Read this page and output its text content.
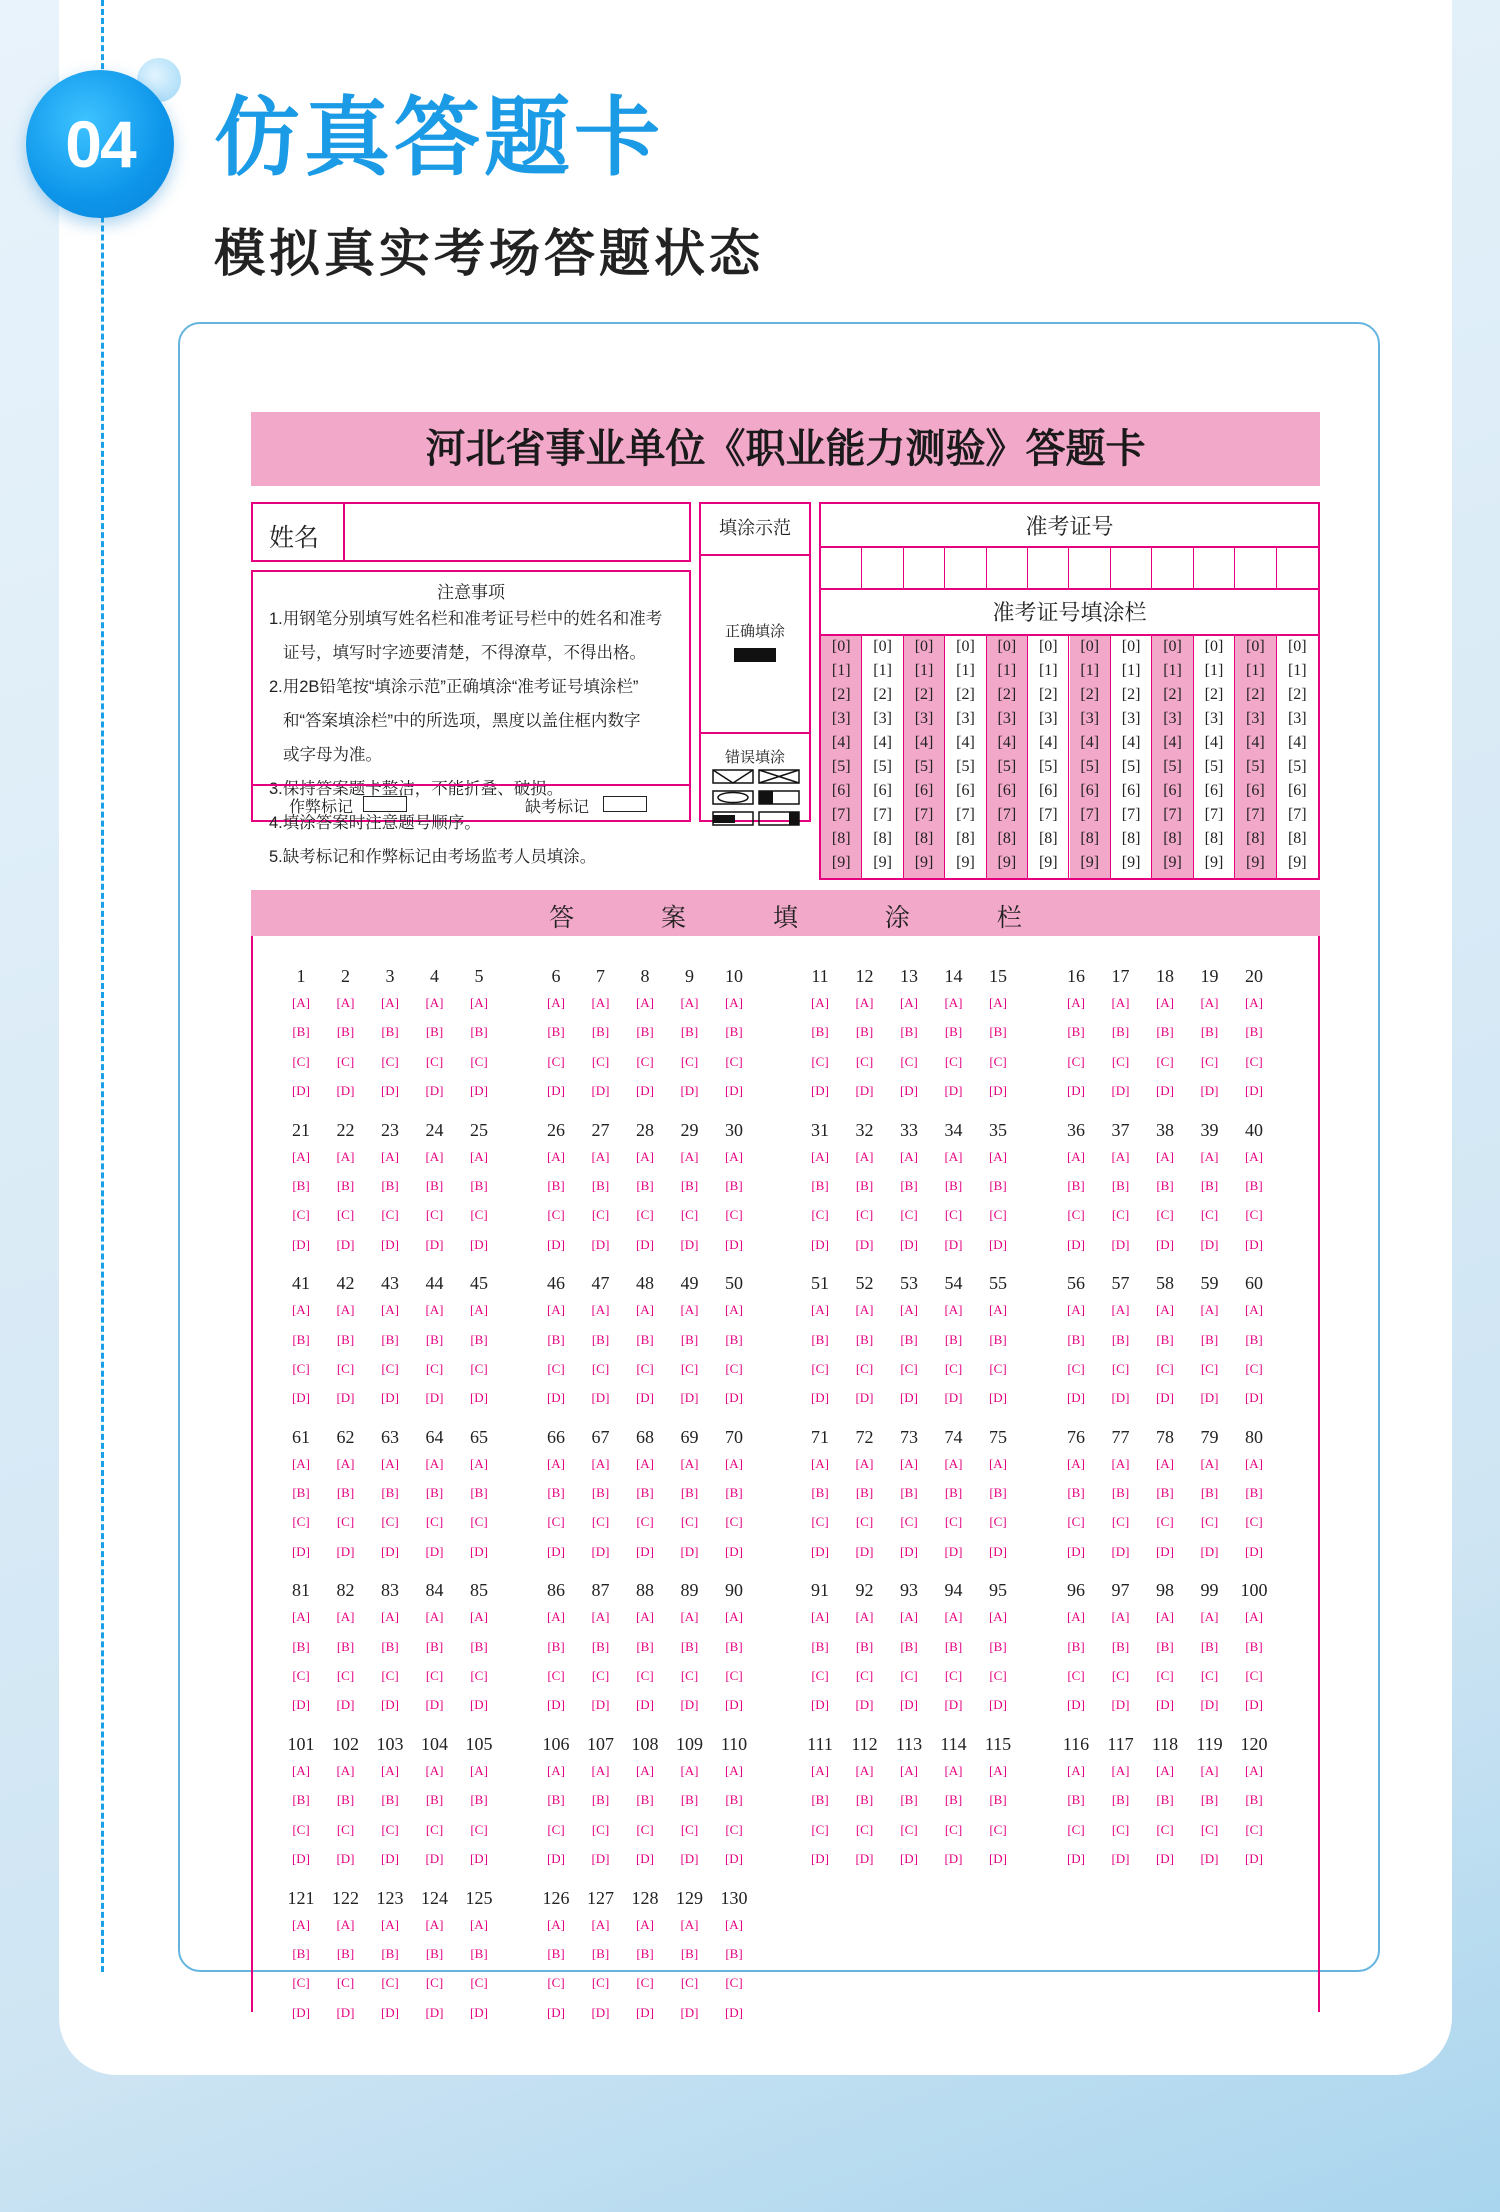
04 仿真答题卡
模拟真实考场答题状态
河北省事业单位《职业能力测验》答题卡
姓名
注意事项

1.用钢笔分别填写姓名栏和准考证号栏中的姓名和准考

证号，填写时字迹要清楚，不得潦草，不得出格。

2.用2B铅笔按“填涂示范”正确填涂“准考证号填涂栏”

和“答案填涂栏”中的所选项，黑度以盖住框内数字

或字母为准。

3.保持答案题卡整洁，不能折叠、破损。

4.填涂答案时注意题号顺序。

5.缺考标记和作弊标记由考场监考人员填涂。

作弊标记	缺考标记
填涂示范
正确填涂
错误填涂
准考证号
准考证号填涂栏
[0]
[1]
[2]
[3]
[4]
[5]
[6]
[7]
[8]
[9]
[0]
[1]
[2]
[3]
[4]
[5]
[6]
[7]
[8]
[9]
[0]
[1]
[2]
[3]
[4]
[5]
[6]
[7]
[8]
[9]
[0]
[1]
[2]
[3]
[4]
[5]
[6]
[7]
[8]
[9]
[0]
[1]
[2]
[3]
[4]
[5]
[6]
[7]
[8]
[9]
[0]
[1]
[2]
[3]
[4]
[5]
[6]
[7]
[8]
[9]
[0]
[1]
[2]
[3]
[4]
[5]
[6]
[7]
[8]
[9]
[0]
[1]
[2]
[3]
[4]
[5]
[6]
[7]
[8]
[9]
[0]
[1]
[2]
[3]
[4]
[5]
[6]
[7]
[8]
[9]
[0]
[1]
[2]
[3]
[4]
[5]
[6]
[7]
[8]
[9]
[0]
[1]
[2]
[3]
[4]
[5]
[6]
[7]
[8]
[9]
[0]
[1]
[2]
[3]
[4]
[5]
[6]
[7]
[8]
[9]
答 案 填 涂 栏
1
[A]
[B]
[C]
[D]
2
[A]
[B]
[C]
[D]
3
[A]
[B]
[C]
[D]
4
[A]
[B]
[C]
[D]
5
[A]
[B]
[C]
[D]
6
[A]
[B]
[C]
[D]
7
[A]
[B]
[C]
[D]
8
[A]
[B]
[C]
[D]
9
[A]
[B]
[C]
[D]
10
[A]
[B]
[C]
[D]
11
[A]
[B]
[C]
[D]
12
[A]
[B]
[C]
[D]
13
[A]
[B]
[C]
[D]
14
[A]
[B]
[C]
[D]
15
[A]
[B]
[C]
[D]
16
[A]
[B]
[C]
[D]
17
[A]
[B]
[C]
[D]
18
[A]
[B]
[C]
[D]
19
[A]
[B]
[C]
[D]
20
[A]
[B]
[C]
[D]
21
[A]
[B]
[C]
[D]
22
[A]
[B]
[C]
[D]
23
[A]
[B]
[C]
[D]
24
[A]
[B]
[C]
[D]
25
[A]
[B]
[C]
[D]
26
[A]
[B]
[C]
[D]
27
[A]
[B]
[C]
[D]
28
[A]
[B]
[C]
[D]
29
[A]
[B]
[C]
[D]
30
[A]
[B]
[C]
[D]
31
[A]
[B]
[C]
[D]
32
[A]
[B]
[C]
[D]
33
[A]
[B]
[C]
[D]
34
[A]
[B]
[C]
[D]
35
[A]
[B]
[C]
[D]
36
[A]
[B]
[C]
[D]
37
[A]
[B]
[C]
[D]
38
[A]
[B]
[C]
[D]
39
[A]
[B]
[C]
[D]
40
[A]
[B]
[C]
[D]
41
[A]
[B]
[C]
[D]
42
[A]
[B]
[C]
[D]
43
[A]
[B]
[C]
[D]
44
[A]
[B]
[C]
[D]
45
[A]
[B]
[C]
[D]
46
[A]
[B]
[C]
[D]
47
[A]
[B]
[C]
[D]
48
[A]
[B]
[C]
[D]
49
[A]
[B]
[C]
[D]
50
[A]
[B]
[C]
[D]
51
[A]
[B]
[C]
[D]
52
[A]
[B]
[C]
[D]
53
[A]
[B]
[C]
[D]
54
[A]
[B]
[C]
[D]
55
[A]
[B]
[C]
[D]
56
[A]
[B]
[C]
[D]
57
[A]
[B]
[C]
[D]
58
[A]
[B]
[C]
[D]
59
[A]
[B]
[C]
[D]
60
[A]
[B]
[C]
[D]
61
[A]
[B]
[C]
[D]
62
[A]
[B]
[C]
[D]
63
[A]
[B]
[C]
[D]
64
[A]
[B]
[C]
[D]
65
[A]
[B]
[C]
[D]
66
[A]
[B]
[C]
[D]
67
[A]
[B]
[C]
[D]
68
[A]
[B]
[C]
[D]
69
[A]
[B]
[C]
[D]
70
[A]
[B]
[C]
[D]
71
[A]
[B]
[C]
[D]
72
[A]
[B]
[C]
[D]
73
[A]
[B]
[C]
[D]
74
[A]
[B]
[C]
[D]
75
[A]
[B]
[C]
[D]
76
[A]
[B]
[C]
[D]
77
[A]
[B]
[C]
[D]
78
[A]
[B]
[C]
[D]
79
[A]
[B]
[C]
[D]
80
[A]
[B]
[C]
[D]
81
[A]
[B]
[C]
[D]
82
[A]
[B]
[C]
[D]
83
[A]
[B]
[C]
[D]
84
[A]
[B]
[C]
[D]
85
[A]
[B]
[C]
[D]
86
[A]
[B]
[C]
[D]
87
[A]
[B]
[C]
[D]
88
[A]
[B]
[C]
[D]
89
[A]
[B]
[C]
[D]
90
[A]
[B]
[C]
[D]
91
[A]
[B]
[C]
[D]
92
[A]
[B]
[C]
[D]
93
[A]
[B]
[C]
[D]
94
[A]
[B]
[C]
[D]
95
[A]
[B]
[C]
[D]
96
[A]
[B]
[C]
[D]
97
[A]
[B]
[C]
[D]
98
[A]
[B]
[C]
[D]
99
[A]
[B]
[C]
[D]
100
[A]
[B]
[C]
[D]
101
[A]
[B]
[C]
[D]
102
[A]
[B]
[C]
[D]
103
[A]
[B]
[C]
[D]
104
[A]
[B]
[C]
[D]
105
[A]
[B]
[C]
[D]
106
[A]
[B]
[C]
[D]
107
[A]
[B]
[C]
[D]
108
[A]
[B]
[C]
[D]
109
[A]
[B]
[C]
[D]
110
[A]
[B]
[C]
[D]
111
[A]
[B]
[C]
[D]
112
[A]
[B]
[C]
[D]
113
[A]
[B]
[C]
[D]
114
[A]
[B]
[C]
[D]
115
[A]
[B]
[C]
[D]
116
[A]
[B]
[C]
[D]
117
[A]
[B]
[C]
[D]
118
[A]
[B]
[C]
[D]
119
[A]
[B]
[C]
[D]
120
[A]
[B]
[C]
[D]
121
[A]
[B]
[C]
[D]
122
[A]
[B]
[C]
[D]
123
[A]
[B]
[C]
[D]
124
[A]
[B]
[C]
[D]
125
[A]
[B]
[C]
[D]
126
[A]
[B]
[C]
[D]
127
[A]
[B]
[C]
[D]
128
[A]
[B]
[C]
[D]
129
[A]
[B]
[C]
[D]
130
[A]
[B]
[C]
[D]
